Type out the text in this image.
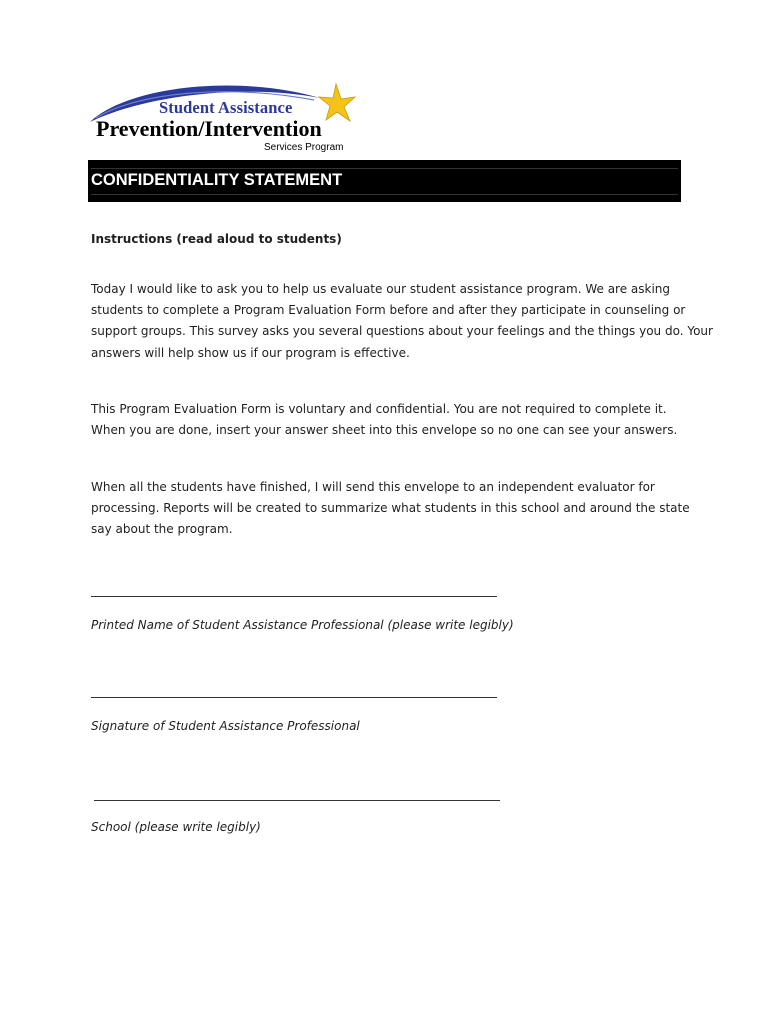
Student Assistance
Prevention/Intervention
Services Program
CONFIDENTIALITY STATEMENT
Instructions (read aloud to students)
Today I would like to ask you to help us evaluate our student assistance program. We are asking
students to complete a Program Evaluation Form before and after they participate in counseling or
support groups. This survey asks you several questions about your feelings and the things you do. Your
answers will help show us if our program is effective.
This Program Evaluation Form is voluntary and confidential. You are not required to complete it.
When you are done, insert your answer sheet into this envelope so no one can see your answers.
When all the students have finished, I will send this envelope to an independent evaluator for
processing. Reports will be created to summarize what students in this school and around the state
say about the program.
Printed Name of Student Assistance Professional (please write legibly)
Signature of Student Assistance Professional
School (please write legibly)
